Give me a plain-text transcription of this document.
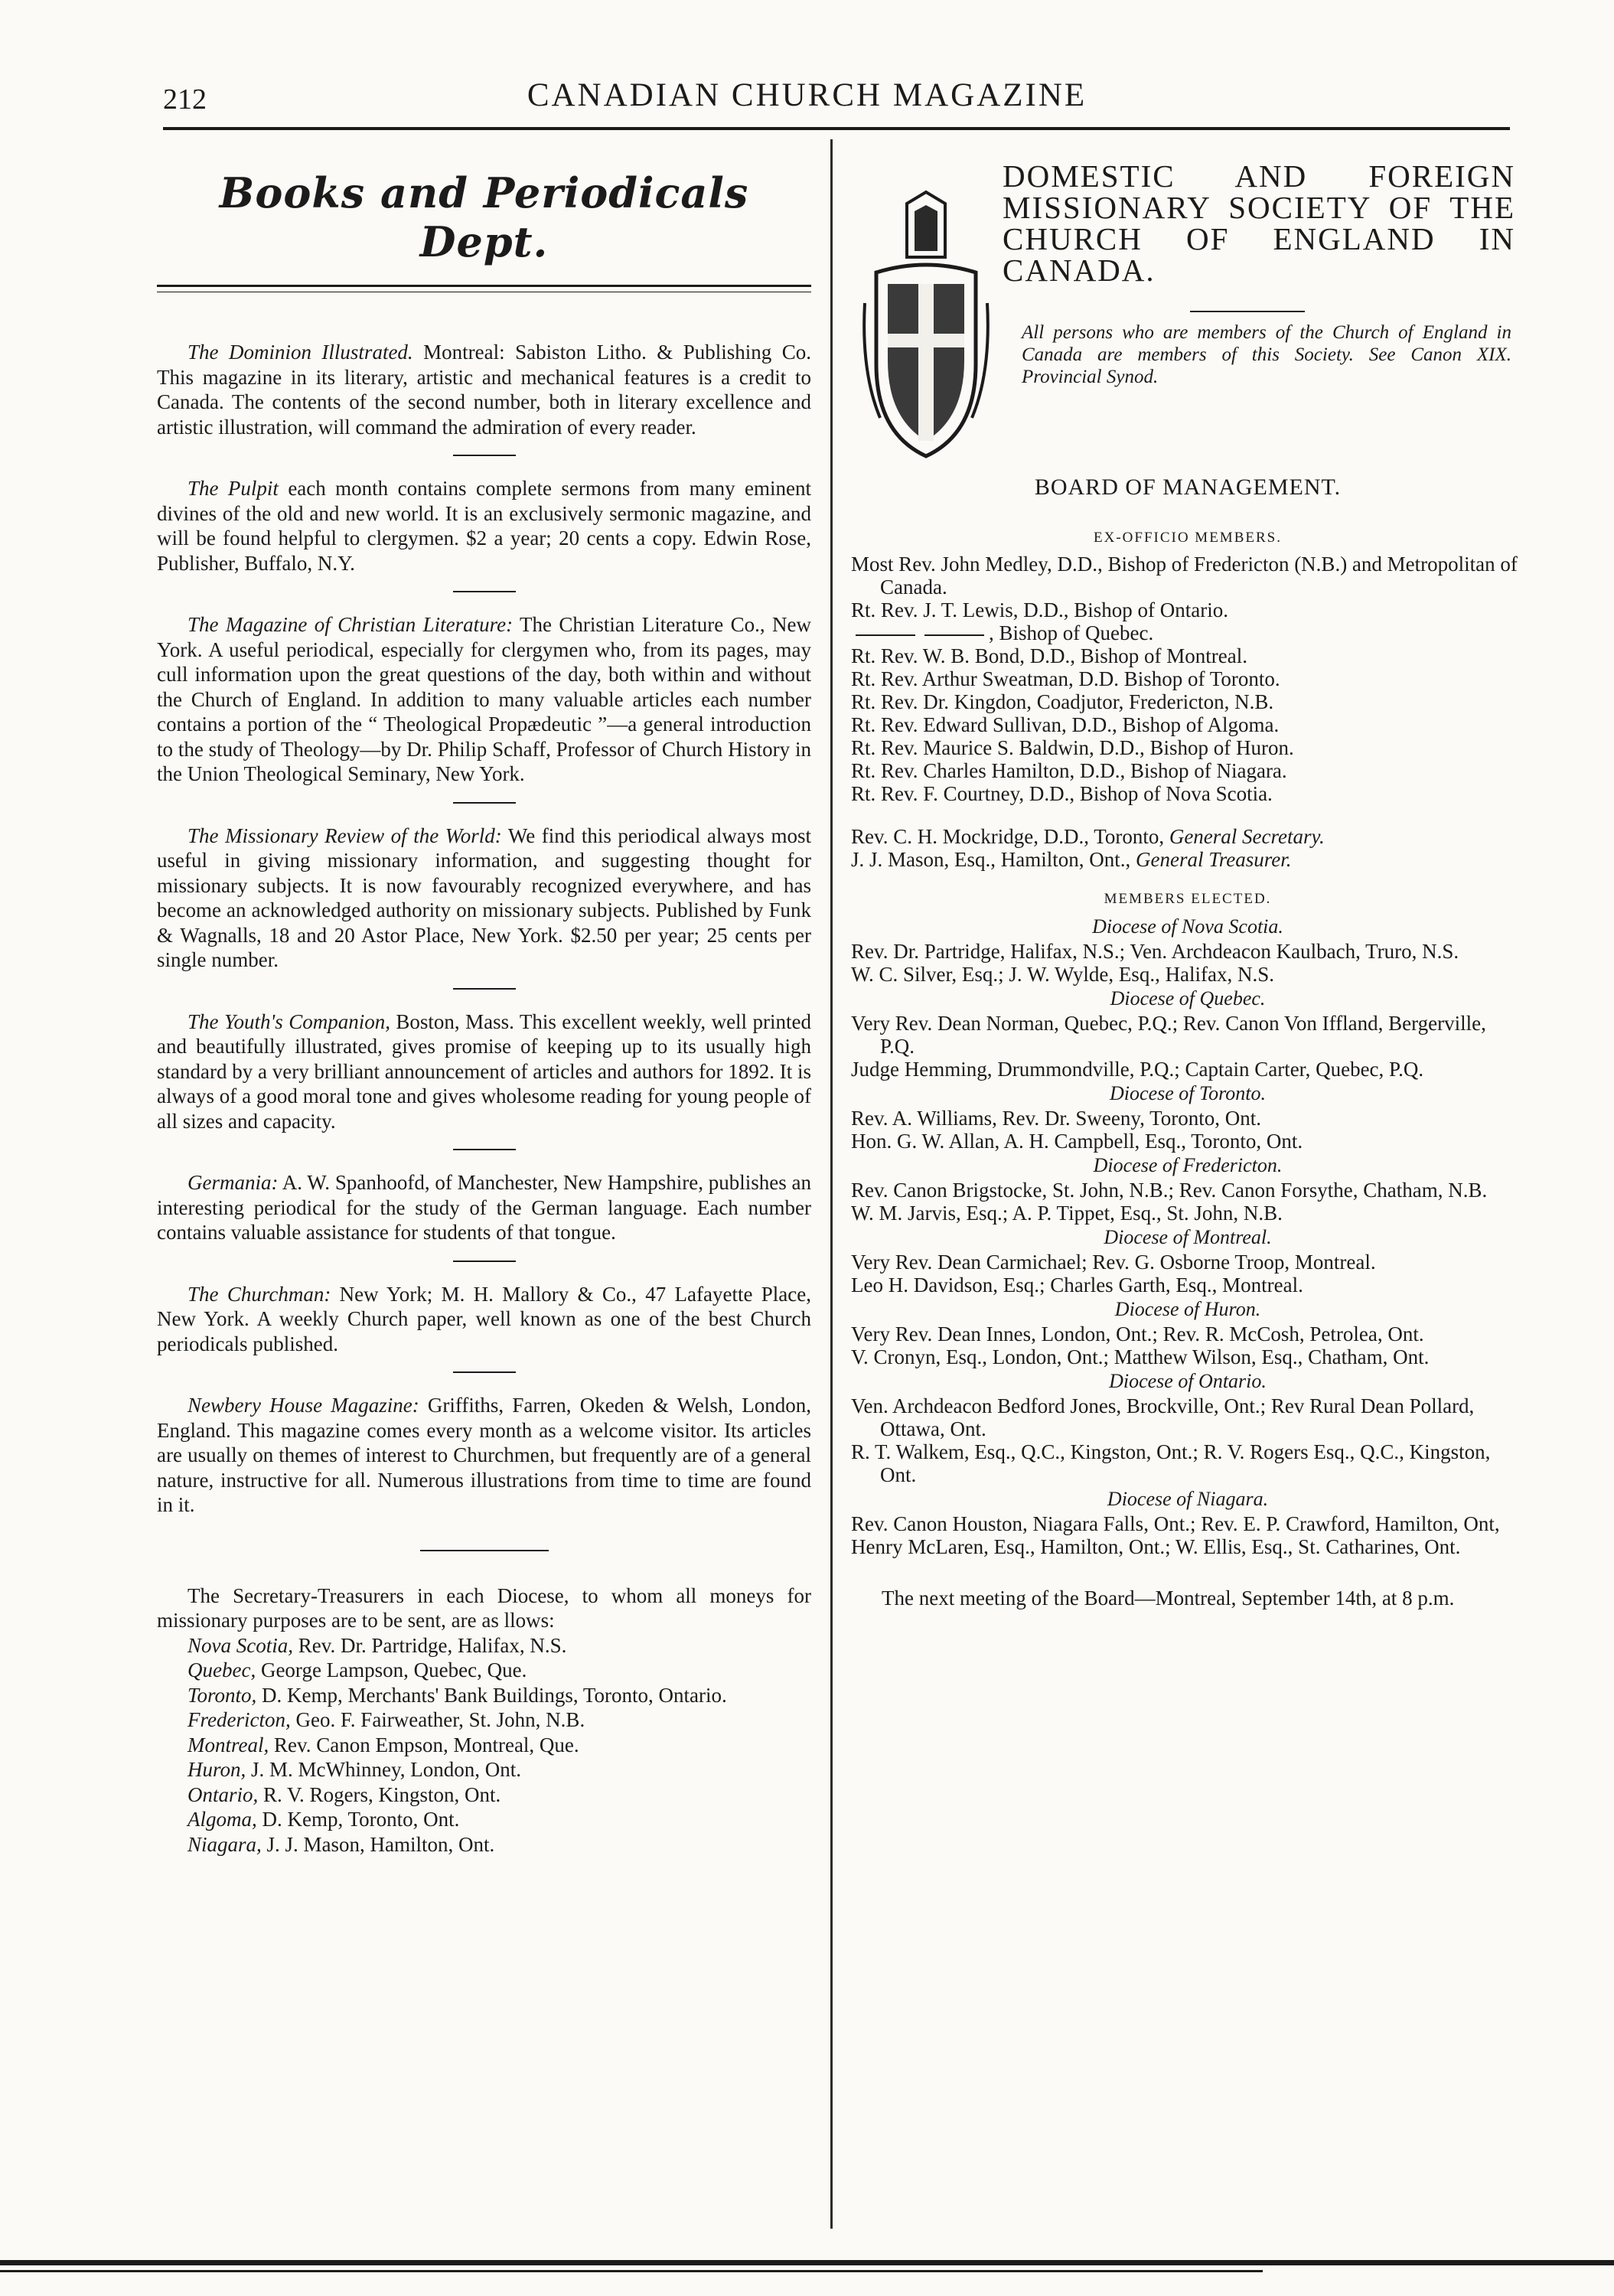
212	CANADIAN CHURCH MAGAZINE
Books and Periodicals Dept.

The Dominion Illustrated. Montreal: Sabiston Litho. & Publishing Co. This magazine in its literary, artistic and mechanical features is a credit to Canada. The contents of the second number, both in literary excellence and artistic illustration, will command the admiration of every reader.

The Pulpit each month contains complete sermons from many eminent divines of the old and new world. It is an exclusively sermonic magazine, and will be found helpful to clergymen. $2 a year; 20 cents a copy. Edwin Rose, Publisher, Buffalo, N.Y.

The Magazine of Christian Literature: The Christian Literature Co., New York. A useful periodical, especially for clergymen who, from its pages, may cull information upon the great questions of the day, both within and without the Church of England. In addition to many valuable articles each number contains a portion of the “ Theological Propædeutic ”—a general introduction to the study of Theology—by Dr. Philip Schaff, Professor of Church History in the Union Theological Seminary, New York.

The Missionary Review of the World: We find this periodical always most useful in giving missionary information, and suggesting thought for missionary subjects. It is now favourably recognized everywhere, and has become an acknowledged authority on missionary subjects. Published by Funk & Wagnalls, 18 and 20 Astor Place, New York. $2.50 per year; 25 cents per single number.

The Youth's Companion, Boston, Mass. This excellent weekly, well printed and beautifully illustrated, gives promise of keeping up to its usually high standard by a very brilliant announcement of articles and authors for 1892. It is always of a good moral tone and gives wholesome reading for young people of all sizes and capacity.

Germania: A. W. Spanhoofd, of Manchester, New Hampshire, publishes an interesting periodical for the study of the German language. Each number contains valuable assistance for students of that tongue.

The Churchman: New York; M. H. Mallory & Co., 47 Lafayette Place, New York. A weekly Church paper, well known as one of the best Church periodicals published.

Newbery House Magazine: Griffiths, Farren, Okeden & Welsh, London, England. This magazine comes every month as a welcome visitor. Its articles are usually on themes of interest to Churchmen, but frequently are of a general nature, instructive for all. Numerous illustrations from time to time are found in it.

The Secretary-Treasurers in each Diocese, to whom all moneys for missionary purposes are to be sent, are as llows:

Nova Scotia, Rev. Dr. Partridge, Halifax, N.S.
Quebec, George Lampson, Quebec, Que.
Toronto, D. Kemp, Merchants' Bank Buildings, Toronto, Ontario.
Fredericton, Geo. F. Fairweather, St. John, N.B.
Montreal, Rev. Canon Empson, Montreal, Que.
Huron, J. M. McWhinney, London, Ont.
Ontario, R. V. Rogers, Kingston, Ont.
Algoma, D. Kemp, Toronto, Ont.
Niagara, J. J. Mason, Hamilton, Ont.
DOMESTIC AND FOREIGN MISSIONARY SOCIETY OF THE CHURCH OF ENGLAND IN CANADA.
All persons who are members of the Church of England in Canada are members of this Society. See Canon XIX. Provincial Synod.
BOARD OF MANAGEMENT.
EX-OFFICIO MEMBERS.
Most Rev. John Medley, D.D., Bishop of Fredericton (N.B.) and Metropolitan of Canada.
Rt. Rev. J. T. Lewis, D.D., Bishop of Ontario.
, Bishop of Quebec.
Rt. Rev. W. B. Bond, D.D., Bishop of Montreal.
Rt. Rev. Arthur Sweatman, D.D. Bishop of Toronto.
Rt. Rev. Dr. Kingdon, Coadjutor, Fredericton, N.B.
Rt. Rev. Edward Sullivan, D.D., Bishop of Algoma.
Rt. Rev. Maurice S. Baldwin, D.D., Bishop of Huron.
Rt. Rev. Charles Hamilton, D.D., Bishop of Niagara.
Rt. Rev. F. Courtney, D.D., Bishop of Nova Scotia.
Rev. C. H. Mockridge, D.D., Toronto, General Secretary.
J. J. Mason, Esq., Hamilton, Ont., General Treasurer.
MEMBERS ELECTED.
Diocese of Nova Scotia.
Rev. Dr. Partridge, Halifax, N.S.; Ven. Archdeacon Kaulbach, Truro, N.S.
W. C. Silver, Esq.; J. W. Wylde, Esq., Halifax, N.S.
Diocese of Quebec.
Very Rev. Dean Norman, Quebec, P.Q.; Rev. Canon Von Iffland, Bergerville, P.Q.
Judge Hemming, Drummondville, P.Q.; Captain Carter, Quebec, P.Q.
Diocese of Toronto.
Rev. A. Williams, Rev. Dr. Sweeny, Toronto, Ont.
Hon. G. W. Allan, A. H. Campbell, Esq., Toronto, Ont.
Diocese of Fredericton.
Rev. Canon Brigstocke, St. John, N.B.; Rev. Canon Forsythe, Chatham, N.B.
W. M. Jarvis, Esq.; A. P. Tippet, Esq., St. John, N.B.
Diocese of Montreal.
Very Rev. Dean Carmichael; Rev. G. Osborne Troop, Montreal.
Leo H. Davidson, Esq.; Charles Garth, Esq., Montreal.
Diocese of Huron.
Very Rev. Dean Innes, London, Ont.; Rev. R. McCosh, Petrolea, Ont.
V. Cronyn, Esq., London, Ont.; Matthew Wilson, Esq., Chatham, Ont.
Diocese of Ontario.
Ven. Archdeacon Bedford Jones, Brockville, Ont.; Rev Rural Dean Pollard, Ottawa, Ont.
R. T. Walkem, Esq., Q.C., Kingston, Ont.; R. V. Rogers Esq., Q.C., Kingston, Ont.
Diocese of Niagara.
Rev. Canon Houston, Niagara Falls, Ont.; Rev. E. P. Crawford, Hamilton, Ont,
Henry McLaren, Esq., Hamilton, Ont.; W. Ellis, Esq., St. Catharines, Ont.
The next meeting of the Board—Montreal, September 14th, at 8 p.m.
